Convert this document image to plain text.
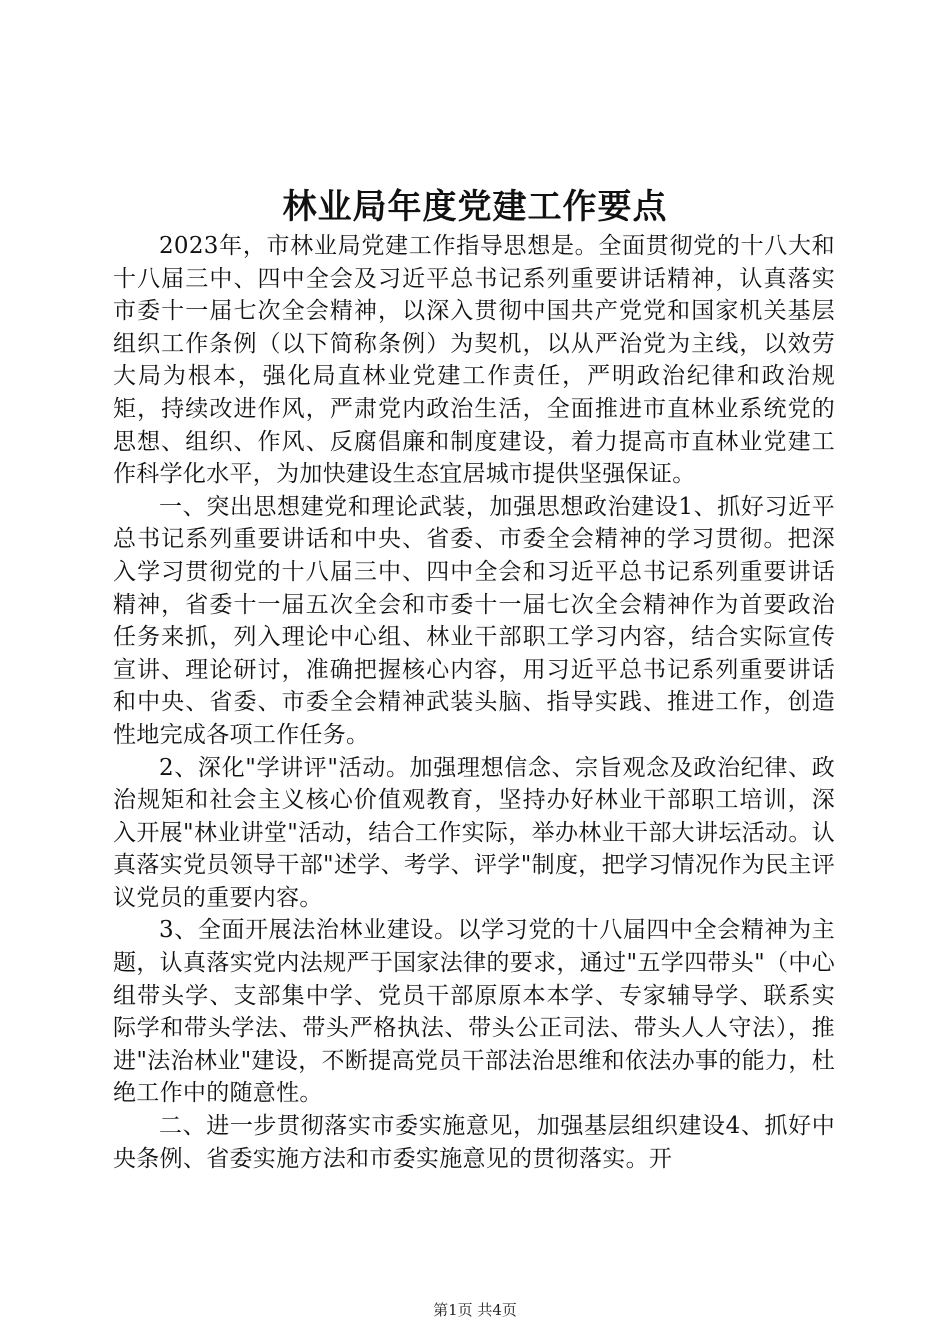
林业局年度党建工作要点

2023年，市林业局党建工作指导思想是。全面贯彻党的十八大和十八届三中、四中全会及习近平总书记系列重要讲话精神，认真落实市委十一届七次全会精神，以深入贯彻中国共产党党和国家机关基层组织工作条例（以下简称条例）为契机，以从严治党为主线，以效劳大局为根本，强化局直林业党建工作责任，严明政治纪律和政治规矩，持续改进作风，严肃党内政治生活，全面推进市直林业系统党的思想、组织、作风、反腐倡廉和制度建设，着力提高市直林业党建工作科学化水平，为加快建设生态宜居城市提供坚强保证。

一、突出思想建党和理论武装，加强思想政治建设1、抓好习近平总书记系列重要讲话和中央、省委、市委全会精神的学习贯彻。把深入学习贯彻党的十八届三中、四中全会和习近平总书记系列重要讲话精神，省委十一届五次全会和市委十一届七次全会精神作为首要政治任务来抓，列入理论中心组、林业干部职工学习内容，结合实际宣传宣讲、理论研讨，准确把握核心内容，用习近平总书记系列重要讲话和中央、省委、市委全会精神武装头脑、指导实践、推进工作，创造性地完成各项工作任务。

2、深化"学讲评"活动。加强理想信念、宗旨观念及政治纪律、政治规矩和社会主义核心价值观教育，坚持办好林业干部职工培训，深入开展"林业讲堂"活动，结合工作实际，举办林业干部大讲坛活动。认真落实党员领导干部"述学、考学、评学"制度，把学习情况作为民主评议党员的重要内容。

3、全面开展法治林业建设。以学习党的十八届四中全会精神为主题，认真落实党内法规严于国家法律的要求，通过"五学四带头"（中心组带头学、支部集中学、党员干部原原本本学、专家辅导学、联系实际学和带头学法、带头严格执法、带头公正司法、带头人人守法），推进"法治林业"建设，不断提高党员干部法治思维和依法办事的能力，杜绝工作中的随意性。

二、进一步贯彻落实市委实施意见，加强基层组织建设4、抓好中央条例、省委实施方法和市委实施意见的贯彻落实。开

第1页 共4页
